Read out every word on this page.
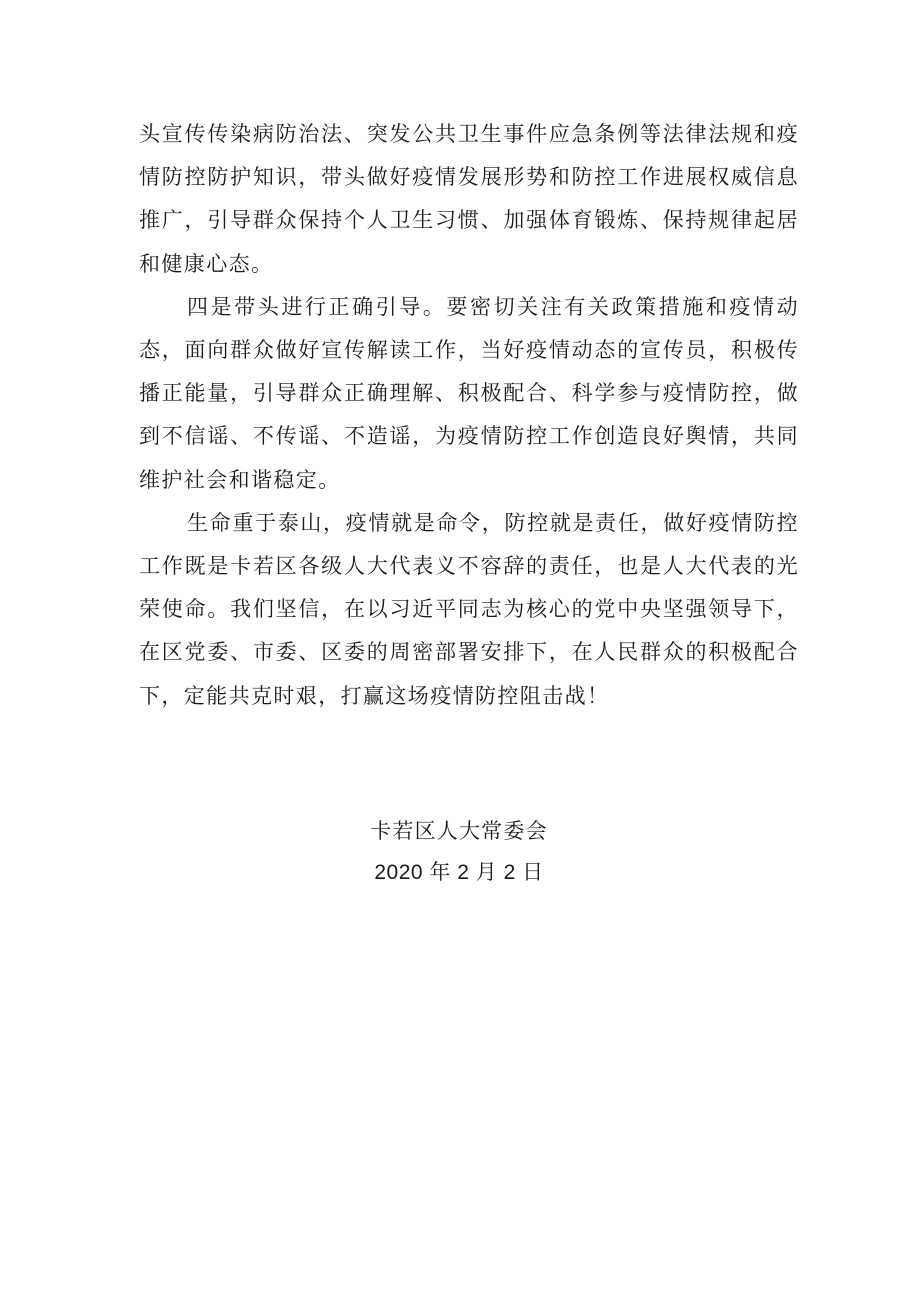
头宣传传染病防治法、突发公共卫生事件应急条例等法律法规和疫情防控防护知识，带头做好疫情发展形势和防控工作进展权威信息推广，引导群众保持个人卫生习惯、加强体育锻炼、保持规律起居和健康心态。

四是带头进行正确引导。要密切关注有关政策措施和疫情动态，面向群众做好宣传解读工作，当好疫情动态的宣传员，积极传播正能量，引导群众正确理解、积极配合、科学参与疫情防控，做到不信谣、不传谣、不造谣，为疫情防控工作创造良好舆情，共同维护社会和谐稳定。

生命重于泰山，疫情就是命令，防控就是责任，做好疫情防控工作既是卡若区各级人大代表义不容辞的责任，也是人大代表的光荣使命。我们坚信，在以习近平同志为核心的党中央坚强领导下，在区党委、市委、区委的周密部署安排下，在人民群众的积极配合下，定能共克时艰，打赢这场疫情防控阻击战！

卡若区人大常委会
2020 年 2 月 2 日
